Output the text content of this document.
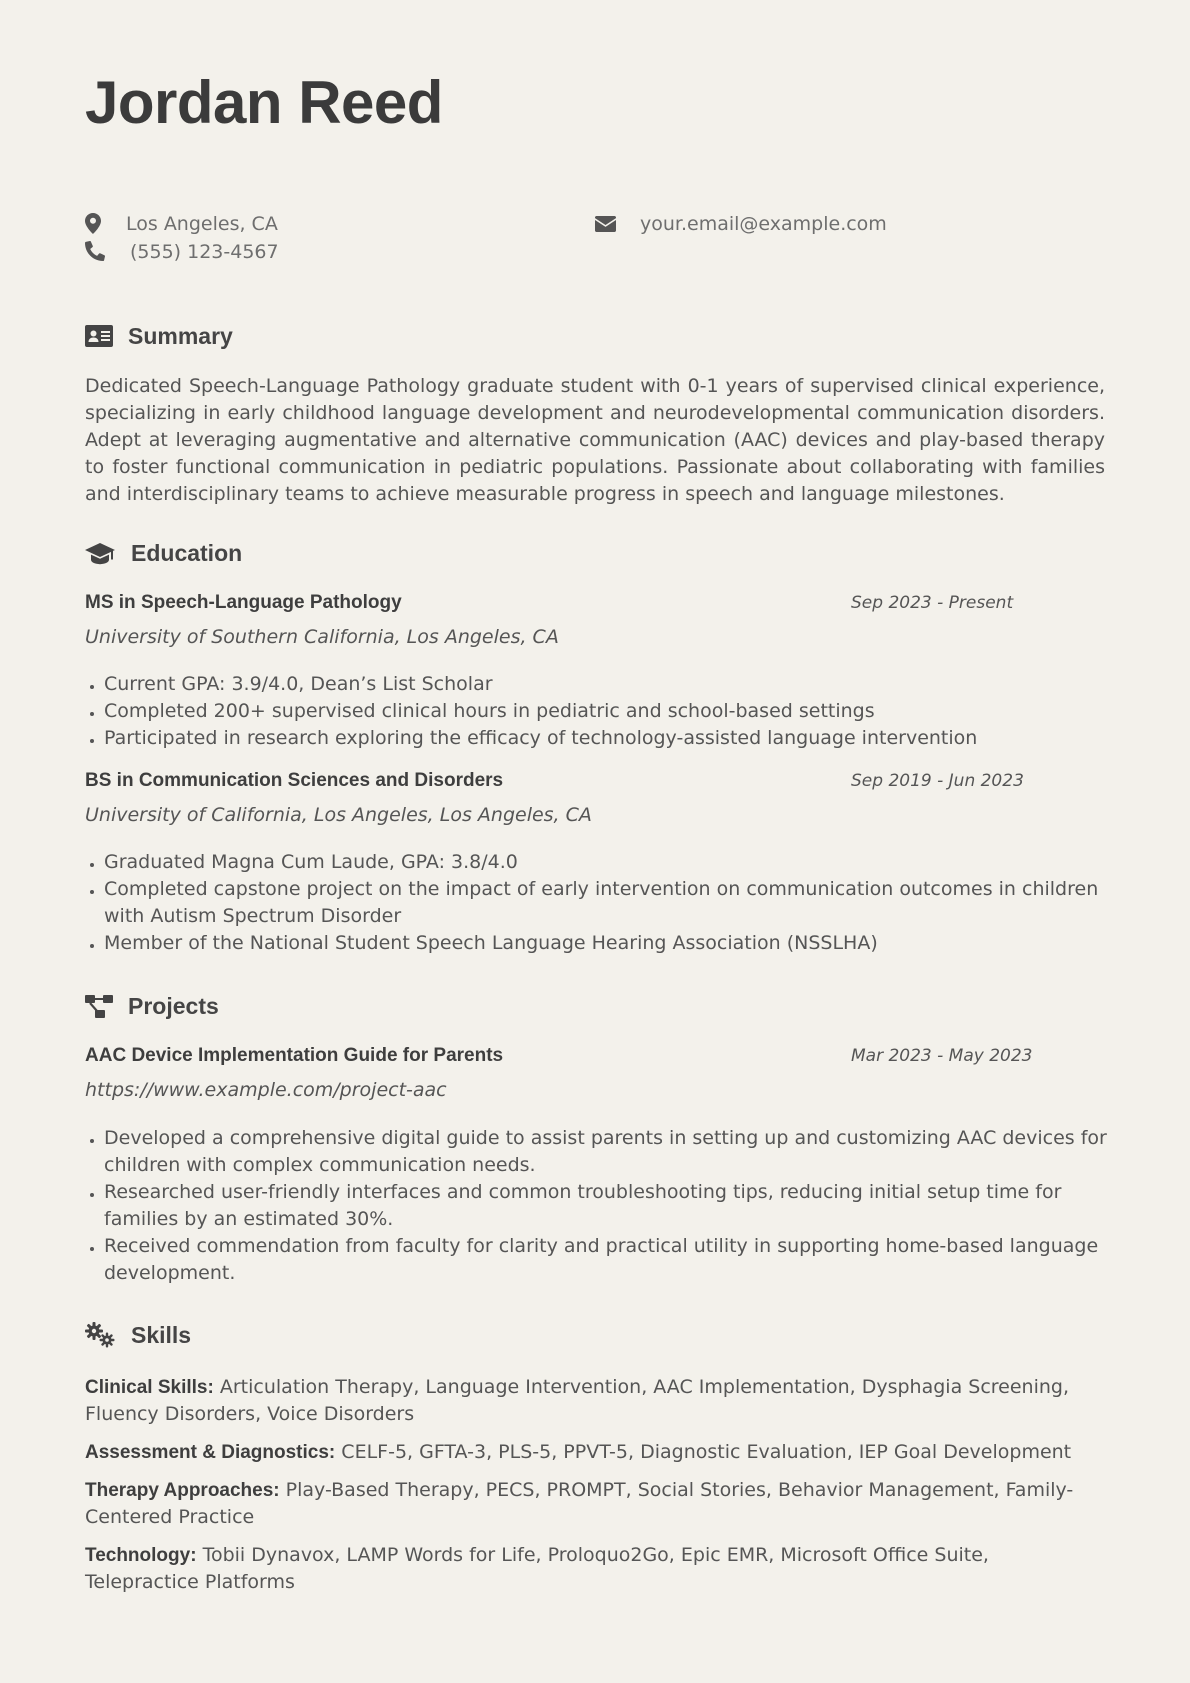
Jordan Reed
Los Angeles, CA
(555) 123-4567
your.email@example.com
Summary
Dedicated Speech-Language Pathology graduate student with 0-1 years of supervised clinical experience, specializing in early childhood language development and neurodevelopmental communication disorders. Adept at leveraging augmentative and alternative communication (AAC) devices and play-based therapy to foster functional communication in pediatric populations. Passionate about collaborating with families and interdisciplinary teams to achieve measurable progress in speech and language milestones.
Education
MS in Speech-Language Pathology	Sep 2023 - Present
University of Southern California, Los Angeles, CA
• Current GPA: 3.9/4.0, Dean’s List Scholar
• Completed 200+ supervised clinical hours in pediatric and school-based settings
• Participated in research exploring the efficacy of technology-assisted language intervention
BS in Communication Sciences and Disorders	Sep 2019 - Jun 2023
University of California, Los Angeles, Los Angeles, CA
• Graduated Magna Cum Laude, GPA: 3.8/4.0
• Completed capstone project on the impact of early intervention on communication outcomes in children with Autism Spectrum Disorder
• Member of the National Student Speech Language Hearing Association (NSSLHA)
Projects
AAC Device Implementation Guide for Parents	Mar 2023 - May 2023
https://www.example.com/project-aac
• Developed a comprehensive digital guide to assist parents in setting up and customizing AAC devices for children with complex communication needs.
• Researched user-friendly interfaces and common troubleshooting tips, reducing initial setup time for families by an estimated 30%.
• Received commendation from faculty for clarity and practical utility in supporting home-based language development.
Skills
Clinical Skills: Articulation Therapy, Language Intervention, AAC Implementation, Dysphagia Screening, Fluency Disorders, Voice Disorders
Assessment & Diagnostics: CELF-5, GFTA-3, PLS-5, PPVT-5, Diagnostic Evaluation, IEP Goal Development
Therapy Approaches: Play-Based Therapy, PECS, PROMPT, Social Stories, Behavior Management, Family-Centered Practice
Technology: Tobii Dynavox, LAMP Words for Life, Proloquo2Go, Epic EMR, Microsoft Office Suite, Telepractice Platforms
